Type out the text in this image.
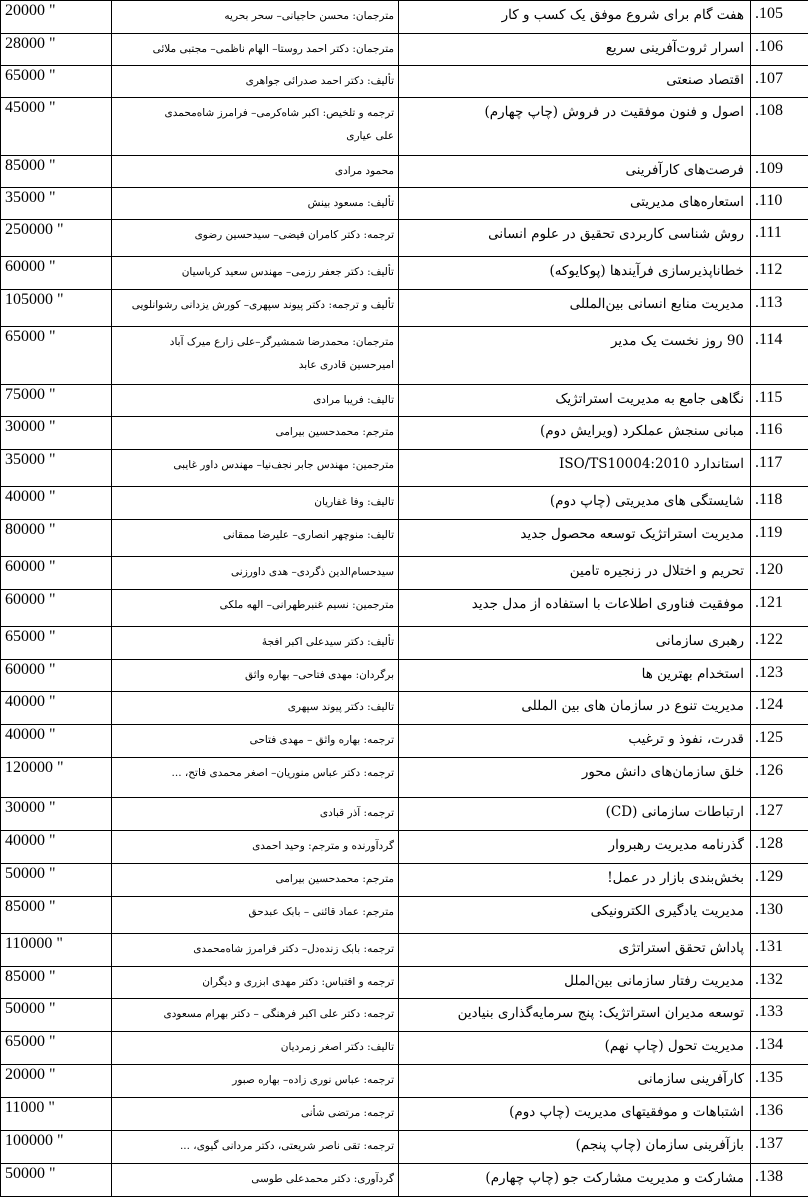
105.	هفت گام برای شروع موفق یک کسب و کار	مترجمان: محسن حاجیانی– سحر بحریه	20000 "
106.	اسرار ثروت‌آفرینی سریع	مترجمان: دکتر احمد روستا– الهام ناظمی– مجتبی ملائی	28000 "
107.	اقتصاد صنعتی	تألیف: دکتر احمد صدرائی جواهری	65000 "
108.	اصول و فنون موفقیت در فروش (چاپ چهارم)	ترجمه و تلخیص: اکبر شاه‌کرمی– فرامرز شاه‌محمدی
علی عیاری	45000 "
109.	فرصت‌های کارآفرینی	محمود مرادی	85000 "
110.	استعاره‌های مدیریتی	تألیف: مسعود بینش	35000 "
111.	روش شناسی کاربردی تحقیق در علوم انسانی	ترجمه: دکتر کامران فیضی– سیدحسین رضوی	250000 "
112.	خطاناپذیرسازی فرآیندها (پوکایوکه)	تألیف: دکتر جعفر رزمی– مهندس سعید کرباسیان	60000 "
113.	مدیریت منابع انسانی بین‌المللی	تألیف و ترجمه: دکتر پیوند سپهری– کورش یزدانی رشوانلویی	105000 "
114.	90 روز نخست یک مدیر	مترجمان: محمدرضا شمشیرگر–علی زارع میرک آباد
امیرحسین قادری عابد	65000 "
115.	نگاهی جامع به مدیریت استراتژیک	تالیف: فریبا مرادی	75000 "
116.	مبانی سنجش عملکرد (ویرایش دوم)	مترجم: محمدحسین بیرامی	30000 "
117.	استاندارد ISO/TS10004:2010	مترجمین: مهندس جابر نجف‌نیا– مهندس داور غایبی	35000 "
118.	شایستگی های مدیریتی (چاپ دوم)	تالیف: وفا غفاریان	40000 "
119.	مدیریت استراتژیک توسعه محصول جدید	تالیف: منوچهر انصاری– علیرضا ممقانی	80000 "
120.	تحریم و اختلال در زنجیره تامین	سیدحسام‌الدین ذگردی– هدی داورزنی	60000 "
121.	موفقیت فناوری اطلاعات با استفاده از مدل جدید	مترجمین: نسیم غنبرطهرانی– الهه ملکی	60000 "
122.	رهبری سازمانی	تألیف: دکتر سیدعلی اکبر افجهٔ	65000 "
123.	استخدام بهترین ها	برگردان: مهدی فتاحی– بهاره واثق	60000 "
124.	مدیریت تنوع در سازمان های بین المللی	تالیف: دکتر پیوند سپهری	40000 "
125.	قدرت، نفوذ و ترغیب	ترجمه: بهاره واثق – مهدی فتاحی	40000 "
126.	خلق سازمان‌های دانش محور	ترجمه: دکتر عباس منوریان– اصغر محمدی فاتح، ...	120000 "
127.	ارتباطات سازمانی (CD)	ترجمه: آذر قبادی	30000 "
128.	گذرنامه مدیریت رهبروار	گردآورنده و مترجم: وحید احمدی	40000 "
129.	بخش‌بندی بازار در عمل!	مترجم: محمدحسین بیرامی	50000 "
130.	مدیریت یادگیری الکترونیکی	مترجم: عماد قائنی – بابک عبدحق	85000 "
131.	پاداش تحقق استراتژی	ترجمه: بابک زنده‌دل– دکتر فرامرز شاه‌محمدی	110000 "
132.	مدیریت رفتار سازمانی بین‌الملل	ترجمه و اقتباس: دکتر مهدی ابزری و دیگران	85000 "
133.	توسعه مدیران استراتژیک: پنج سرمایه‌گذاری بنیادین	ترجمه: دکتر علی اکبر فرهنگی – دکتر بهرام مسعودی	50000 "
134.	مدیریت تحول (چاپ نهم)	تالیف: دکتر اصغر زمردیان	65000 "
135.	کارآفرینی سازمانی	ترجمه: عباس نوری زاده– بهاره صبور	20000 "
136.	اشتباهات و موفقیتهای مدیریت (چاپ دوم)	ترجمه: مرتضی شأنی	11000 "
137.	بازآفرینی سازمان (چاپ پنجم)	ترجمه: تقی ناصر شریعتی، دکتر مردانی گیوی، ...	100000 "
138.	مشارکت و مدیریت مشارکت جو (چاپ چهارم)	گردآوری: دکتر محمدعلی طوسی	50000 "
